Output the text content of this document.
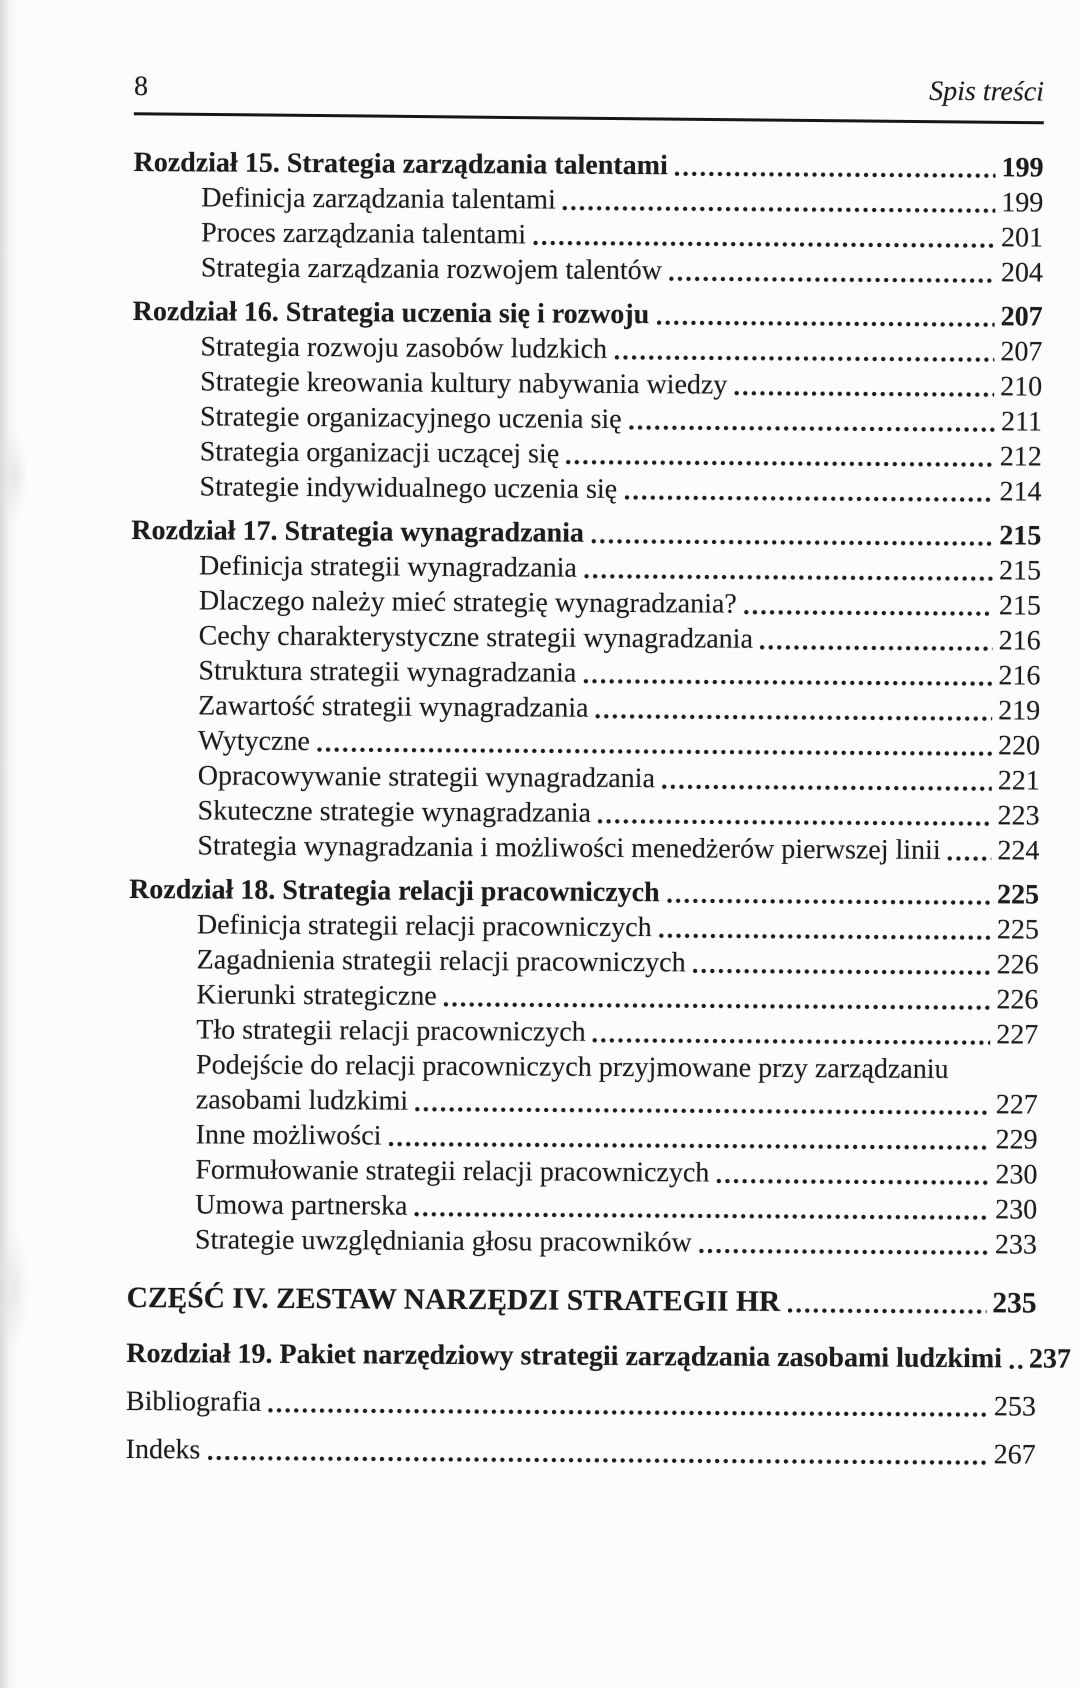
8	Spis treści
Rozdział 15. Strategia zarządzania talentami	199
Definicja zarządzania talentami	199
Proces zarządzania talentami	201
Strategia zarządzania rozwojem talentów	204
Rozdział 16. Strategia uczenia się i rozwoju	207
Strategia rozwoju zasobów ludzkich	207
Strategie kreowania kultury nabywania wiedzy	210
Strategie organizacyjnego uczenia się	211
Strategia organizacji uczącej się	212
Strategie indywidualnego uczenia się	214
Rozdział 17. Strategia wynagradzania	215
Definicja strategii wynagradzania	215
Dlaczego należy mieć strategię wynagradzania?	215
Cechy charakterystyczne strategii wynagradzania	216
Struktura strategii wynagradzania	216
Zawartość strategii wynagradzania	219
Wytyczne	220
Opracowywanie strategii wynagradzania	221
Skuteczne strategie wynagradzania	223
Strategia wynagradzania i możliwości menedżerów pierwszej linii 224
Rozdział 18. Strategia relacji pracowniczych	225
Definicja strategii relacji pracowniczych	225
Zagadnienia strategii relacji pracowniczych	226
Kierunki strategiczne	226
Tło strategii relacji pracowniczych	227
Podejście do relacji pracowniczych przyjmowane przy zarządzaniu
zasobami ludzkimi	227
Inne możliwości	229
Formułowanie strategii relacji pracowniczych	230
Umowa partnerska	230
Strategie uwzględniania głosu pracowników	233
CZĘŚĆ IV. ZESTAW NARZĘDZI STRATEGII HR	235
Rozdział 19. Pakiet narzędziowy strategii zarządzania zasobami ludzkimi 237
Bibliografia	253
Indeks	267
